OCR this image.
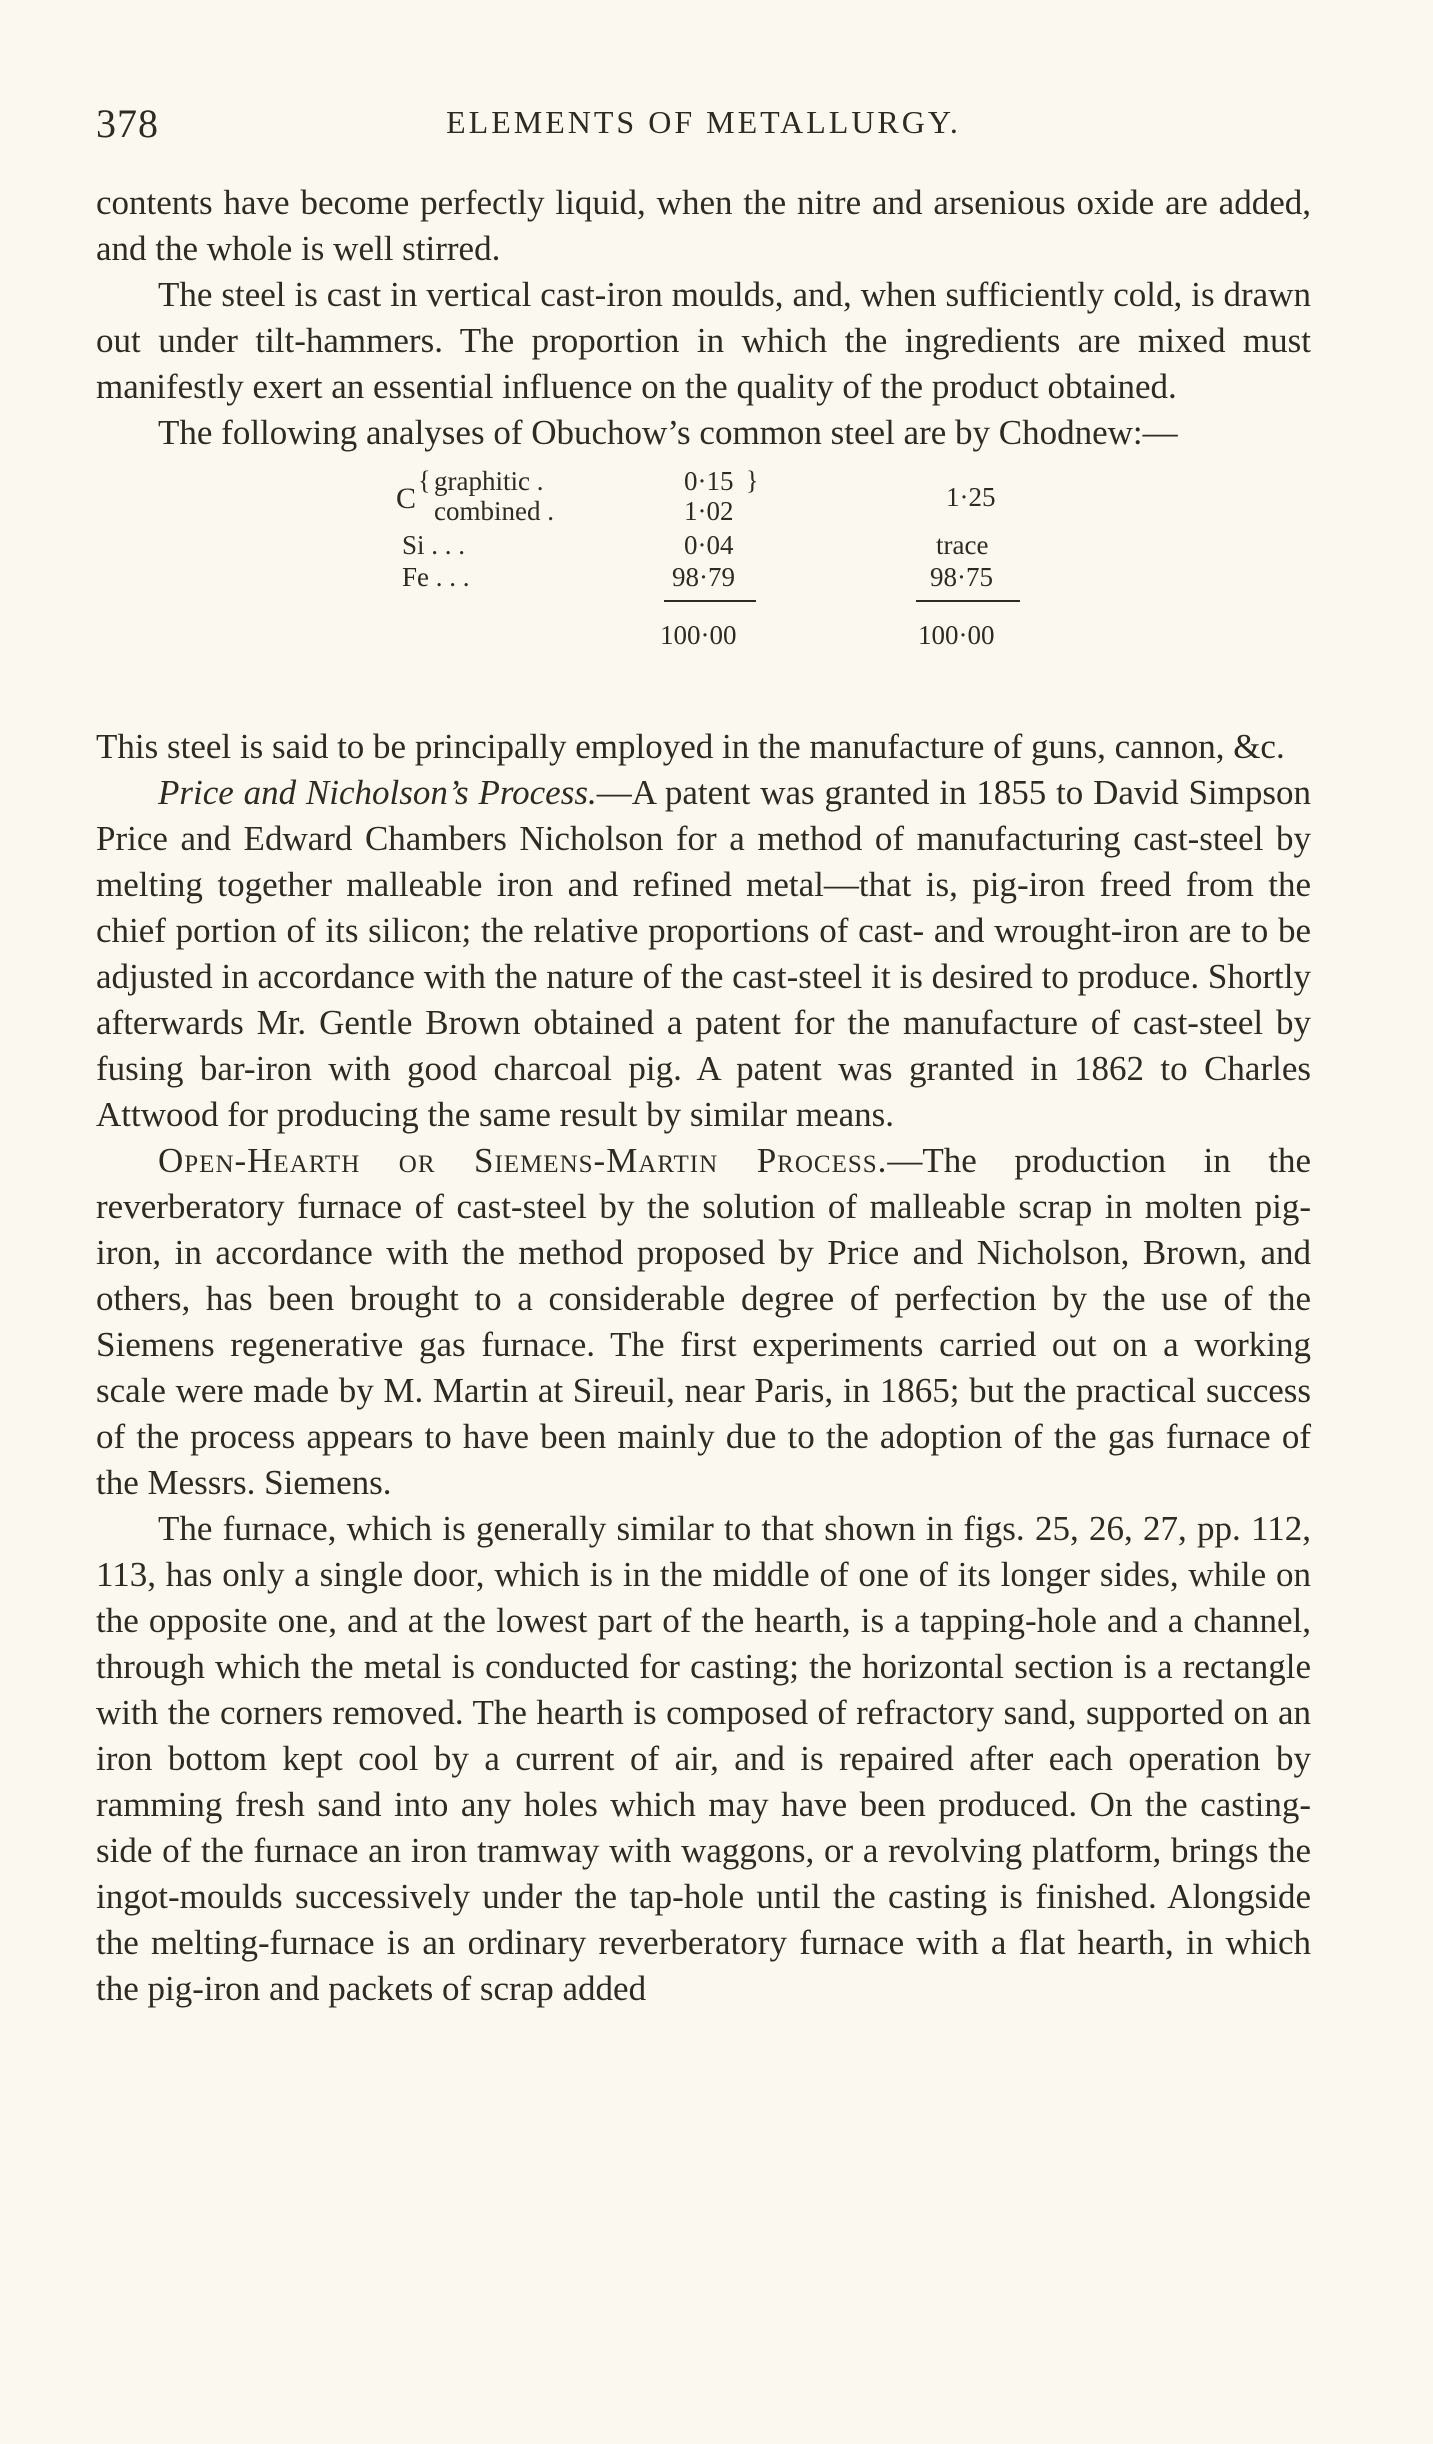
378	ELEMENTS OF METALLURGY.

contents have become perfectly liquid, when the nitre and arsenious oxide are added, and the whole is well stirred.

The steel is cast in vertical cast-iron moulds, and, when sufficiently cold, is drawn out under tilt-hammers. The proportion in which the ingredients are mixed must manifestly exert an essential influence on the quality of the product obtained.

The following analyses of Obuchow’s common steel are by Chodnew:—

C
{ graphitic .
combined .
Si . . .
Fe . . .
0·15
1·02
}
0·04
98·79
1·25
trace
98·75
100·00	100·00

This steel is said to be principally employed in the manufacture of guns, cannon, &c.

Price and Nicholson’s Process.—A patent was granted in 1855 to David Simpson Price and Edward Chambers Nicholson for a method of manufacturing cast-steel by melting together malleable iron and refined metal—that is, pig-iron freed from the chief portion of its silicon; the relative proportions of cast- and wrought-iron are to be adjusted in accordance with the nature of the cast-steel it is desired to produce. Shortly afterwards Mr. Gentle Brown obtained a patent for the manufacture of cast-steel by fusing bar-iron with good charcoal pig. A patent was granted in 1862 to Charles Attwood for producing the same result by similar means.

Open-Hearth or Siemens-Martin Process.—The production in the reverberatory furnace of cast-steel by the solution of malleable scrap in molten pig-iron, in accordance with the method proposed by Price and Nicholson, Brown, and others, has been brought to a considerable degree of perfection by the use of the Siemens regenerative gas furnace. The first experiments carried out on a working scale were made by M. Martin at Sireuil, near Paris, in 1865; but the practical success of the process appears to have been mainly due to the adoption of the gas furnace of the Messrs. Siemens.

The furnace, which is generally similar to that shown in figs. 25, 26, 27, pp. 112, 113, has only a single door, which is in the middle of one of its longer sides, while on the opposite one, and at the lowest part of the hearth, is a tapping-hole and a channel, through which the metal is conducted for casting; the horizontal section is a rectangle with the corners removed. The hearth is composed of refractory sand, supported on an iron bottom kept cool by a current of air, and is repaired after each operation by ramming fresh sand into any holes which may have been produced. On the casting-side of the furnace an iron tramway with waggons, or a revolving platform, brings the ingot-moulds successively under the tap-hole until the casting is finished. Alongside the melting-furnace is an ordinary reverberatory furnace with a flat hearth, in which the pig-iron and packets of scrap added
